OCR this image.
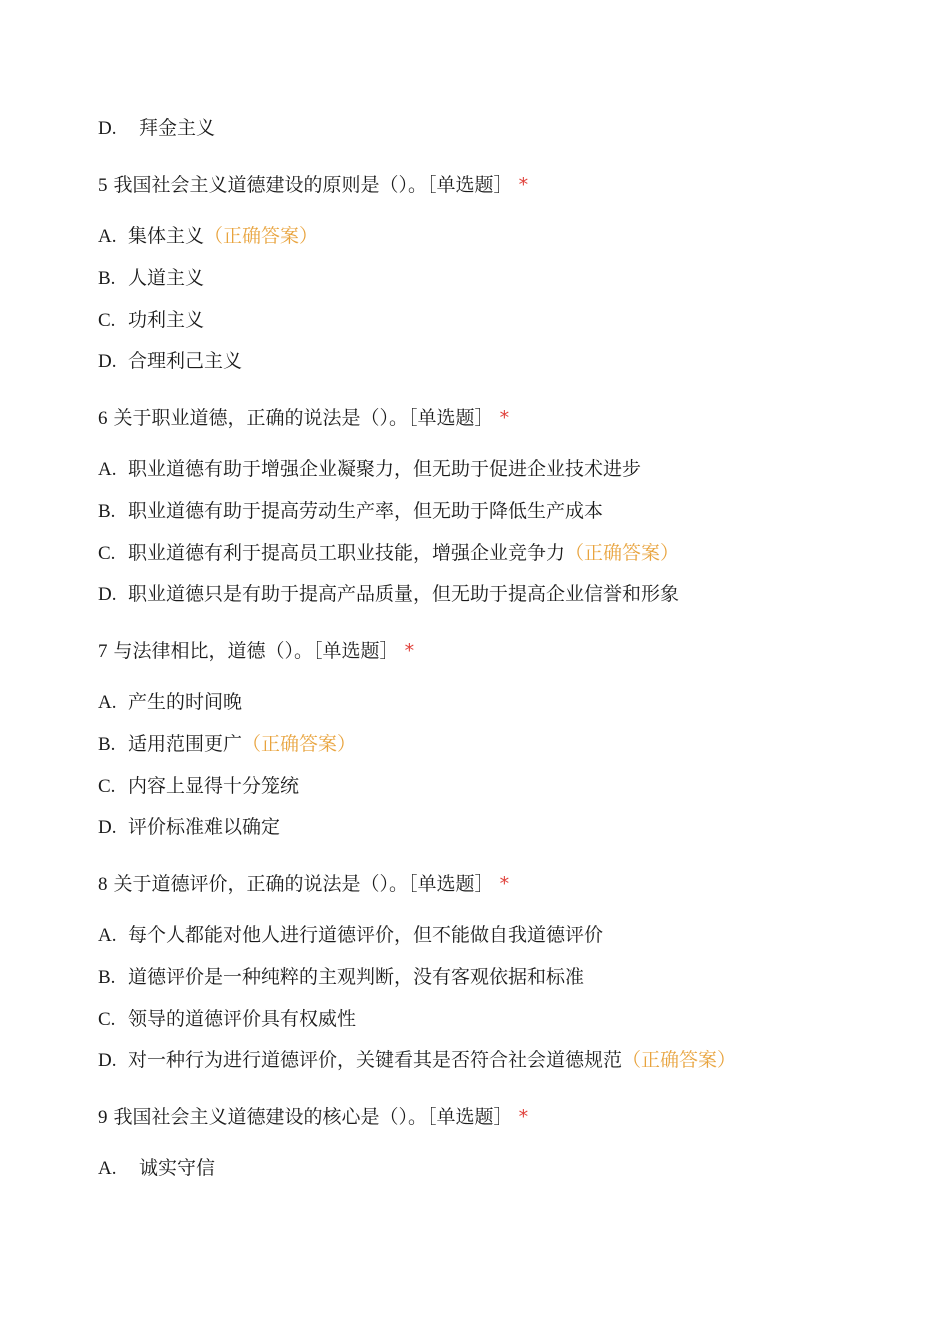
D. 拜金主义
5 我国社会主义道德建设的原则是（）。［单选题］ *
A. 集体主义（正确答案）
B. 人道主义
C. 功利主义
D. 合理利己主义
6 关于职业道德，正确的说法是（）。［单选题］ *
A. 职业道德有助于增强企业凝聚力，但无助于促进企业技术进步
B. 职业道德有助于提高劳动生产率，但无助于降低生产成本
C. 职业道德有利于提高员工职业技能，增强企业竞争力（正确答案）
D. 职业道德只是有助于提高产品质量，但无助于提高企业信誉和形象
7 与法律相比，道德（）。［单选题］ *
A. 产生的时间晚
B. 适用范围更广（正确答案）
C. 内容上显得十分笼统
D. 评价标准难以确定
8 关于道德评价，正确的说法是（）。［单选题］ *
A. 每个人都能对他人进行道德评价，但不能做自我道德评价
B. 道德评价是一种纯粹的主观判断，没有客观依据和标准
C. 领导的道德评价具有权威性
D. 对一种行为进行道德评价，关键看其是否符合社会道德规范（正确答案）
9 我国社会主义道德建设的核心是（）。［单选题］ *
A. 诚实守信
